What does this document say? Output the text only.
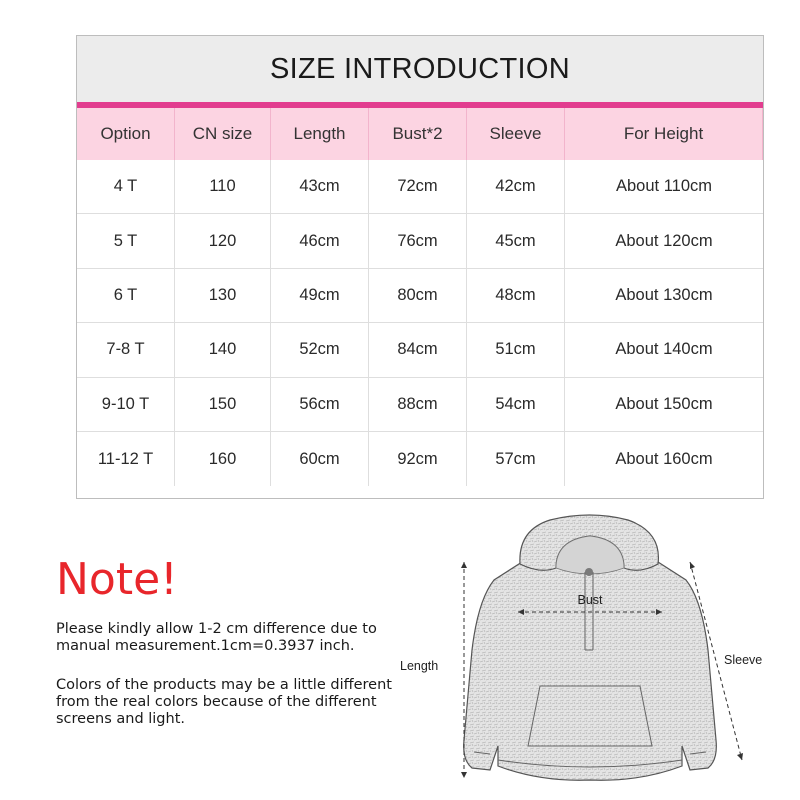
SIZE INTRODUCTION
Option	CN size	Length	Bust*2	Sleeve	For Height
4 T	110	43cm	72cm	42cm	About 110cm
5 T	120	46cm	76cm	45cm	About 120cm
6 T	130	49cm	80cm	48cm	About 130cm
7-8 T	140	52cm	84cm	51cm	About 140cm
9-10 T	150	56cm	88cm	54cm	About 150cm
11-12 T	160	60cm	92cm	57cm	About 160cm
Note!
Please kindly allow 1-2 cm difference due to manual measurement.1cm=0.3937 inch.
Colors of the products may be a little different from the real colors because of the different screens and light.
Bust
Length	Sleeve
